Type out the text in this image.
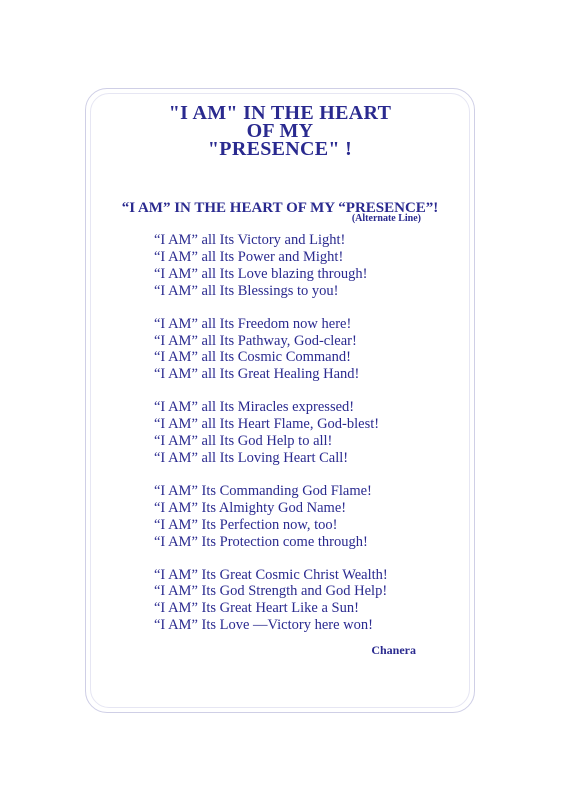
"I AM" IN THE HEART
OF MY
"PRESENCE" !
“I AM” IN THE HEART OF MY “PRESENCE”!
(Alternate Line)
“I AM” all Its Victory and Light!
“I AM” all Its Power and Might!
“I AM” all Its Love blazing through!
“I AM” all Its Blessings to you!
“I AM” all Its Freedom now here!
“I AM” all Its Pathway, God-clear!
“I AM” all Its Cosmic Command!
“I AM” all Its Great Healing Hand!
“I AM” all Its Miracles expressed!
“I AM” all Its Heart Flame, God-blest!
“I AM” all Its God Help to all!
“I AM” all Its Loving Heart Call!
“I AM” Its Commanding God Flame!
“I AM” Its Almighty God Name!
“I AM” Its Perfection now, too!
“I AM” Its Protection come through!
“I AM” Its Great Cosmic Christ Wealth!
“I AM” Its God Strength and God Help!
“I AM” Its Great Heart Like a Sun!
“I AM” Its Love —Victory here won!
Chanera
